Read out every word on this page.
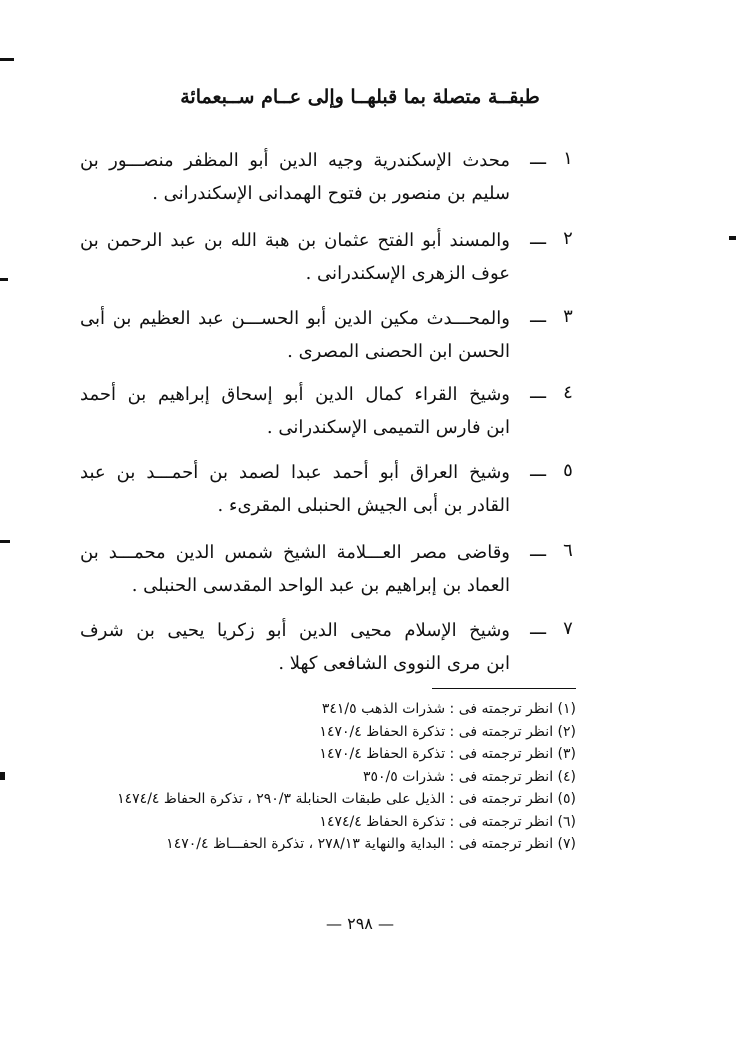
طبقــة متصلة بما قبلهــا وإلى عــام ســبعمائة
١
ـــ
محدث الإسكندرية وجيه الدين أبو المظفر منصـــور بن
سليم بن منصور بن فتوح الهمدانى الإسكندرانى .
٢
ـــ
والمسند أبو الفتح عثمان بن هبة الله بن عبد الرحمن بن
عوف الزهرى الإسكندرانى .
٣
ـــ
والمحـــدث مكين الدين أبو الحســـن عبد العظيم بن أبى
الحسن ابن الحصنى المصرى .
٤
ـــ
وشيخ القراء كمال الدين أبو إسحاق إبراهيم بن أحمد
ابن فارس التميمى الإسكندرانى .
٥
ـــ
وشيخ العراق أبو أحمد عبدا لصمد بن أحمـــد بن عبد
القادر بن أبى الجيش الحنبلى المقرىء .
٦
ـــ
وقاضى مصر العـــلامة الشيخ شمس الدين محمـــد بن
العماد بن إبراهيم بن عبد الواحد المقدسى الحنبلى .
٧
ـــ
وشيخ الإسلام محيى الدين أبو زكريا يحيى بن شرف
ابن مرى النووى الشافعى كهلا .
(١) انظر ترجمته فى : شذرات الذهب ٣٤١/٥
(٢) انظر ترجمته فى : تذكرة الحفاظ ١٤٧٠/٤
(٣) انظر ترجمته فى : تذكرة الحفاظ ١٤٧٠/٤
(٤) انظر ترجمته فى : شذرات ٣٥٠/٥
(٥) انظر ترجمته فى : الذيل على طبقات الحنابلة ٢٩٠/٣ ، تذكرة الحفاظ ١٤٧٤/٤
(٦) انظر ترجمته فى : تذكرة الحفاظ ١٤٧٤/٤
(٧) انظر ترجمته فى : البداية والنهاية ٢٧٨/١٣ ، تذكرة الحفـــاظ ١٤٧٠/٤
— ٢٩٨ —
